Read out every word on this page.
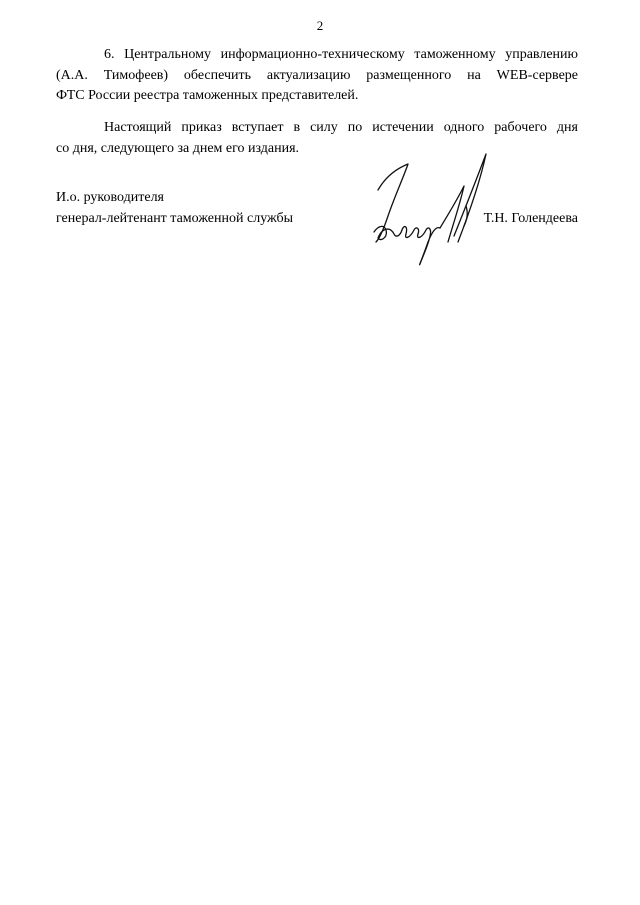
2
6. Центральному информационно-техническому таможенному управлению
(А.А. Тимофеев) обеспечить актуализацию размещенного на WEB-сервере
ФТС России реестра таможенных представителей.
Настоящий приказ вступает в силу по истечении одного рабочего дня
со дня, следующего за днем его издания.
И.о. руководителя
генерал-лейтенант таможенной службы	Т.Н. Голендеева
